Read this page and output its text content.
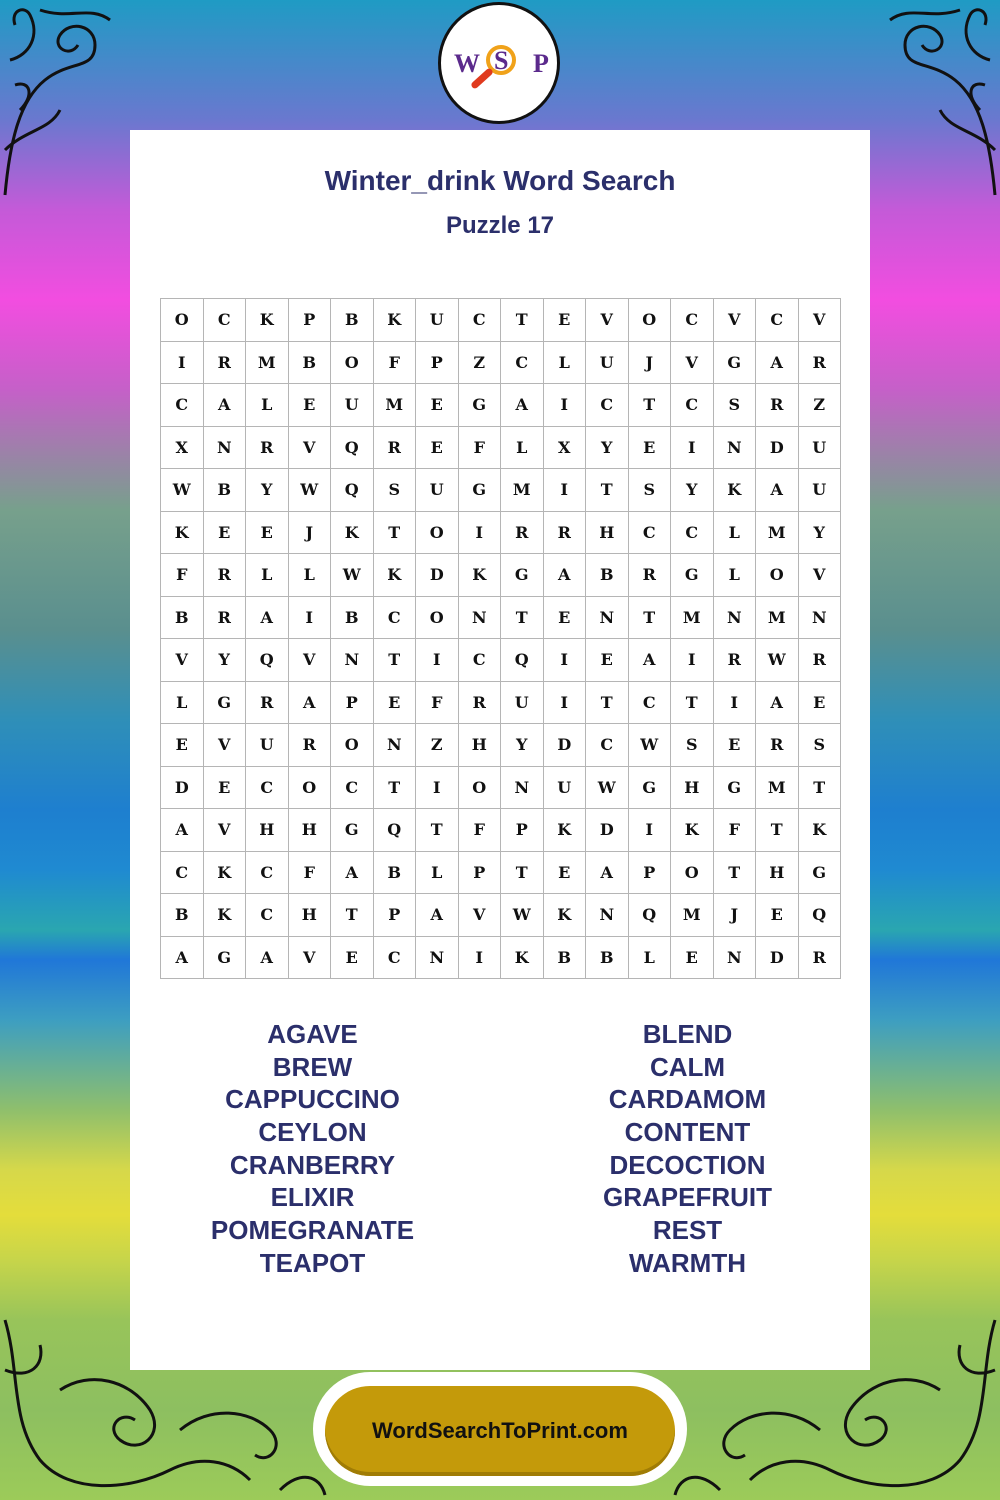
W S P
Winter_drink Word Search
Puzzle 17
O	C	K	P	B	K	U	C	T	E	V	O	C	V	C	V
I	R	M	B	O	F	P	Z	C	L	U	J	V	G	A	R
C	A	L	E	U	M	E	G	A	I	C	T	C	S	R	Z
X	N	R	V	Q	R	E	F	L	X	Y	E	I	N	D	U
W	B	Y	W	Q	S	U	G	M	I	T	S	Y	K	A	U
K	E	E	J	K	T	O	I	R	R	H	C	C	L	M	Y
F	R	L	L	W	K	D	K	G	A	B	R	G	L	O	V
B	R	A	I	B	C	O	N	T	E	N	T	M	N	M	N
V	Y	Q	V	N	T	I	C	Q	I	E	A	I	R	W	R
L	G	R	A	P	E	F	R	U	I	T	C	T	I	A	E
E	V	U	R	O	N	Z	H	Y	D	C	W	S	E	R	S
D	E	C	O	C	T	I	O	N	U	W	G	H	G	M	T
A	V	H	H	G	Q	T	F	P	K	D	I	K	F	T	K
C	K	C	F	A	B	L	P	T	E	A	P	O	T	H	G
B	K	C	H	T	P	A	V	W	K	N	Q	M	J	E	Q
A	G	A	V	E	C	N	I	K	B	B	L	E	N	D	R
AGAVE
BREW
CAPPUCCINO
CEYLON
CRANBERRY
ELIXIR
POMEGRANATE
TEAPOT
BLEND
CALM
CARDAMOM
CONTENT
DECOCTION
GRAPEFRUIT
REST
WARMTH
WordSearchToPrint.com
